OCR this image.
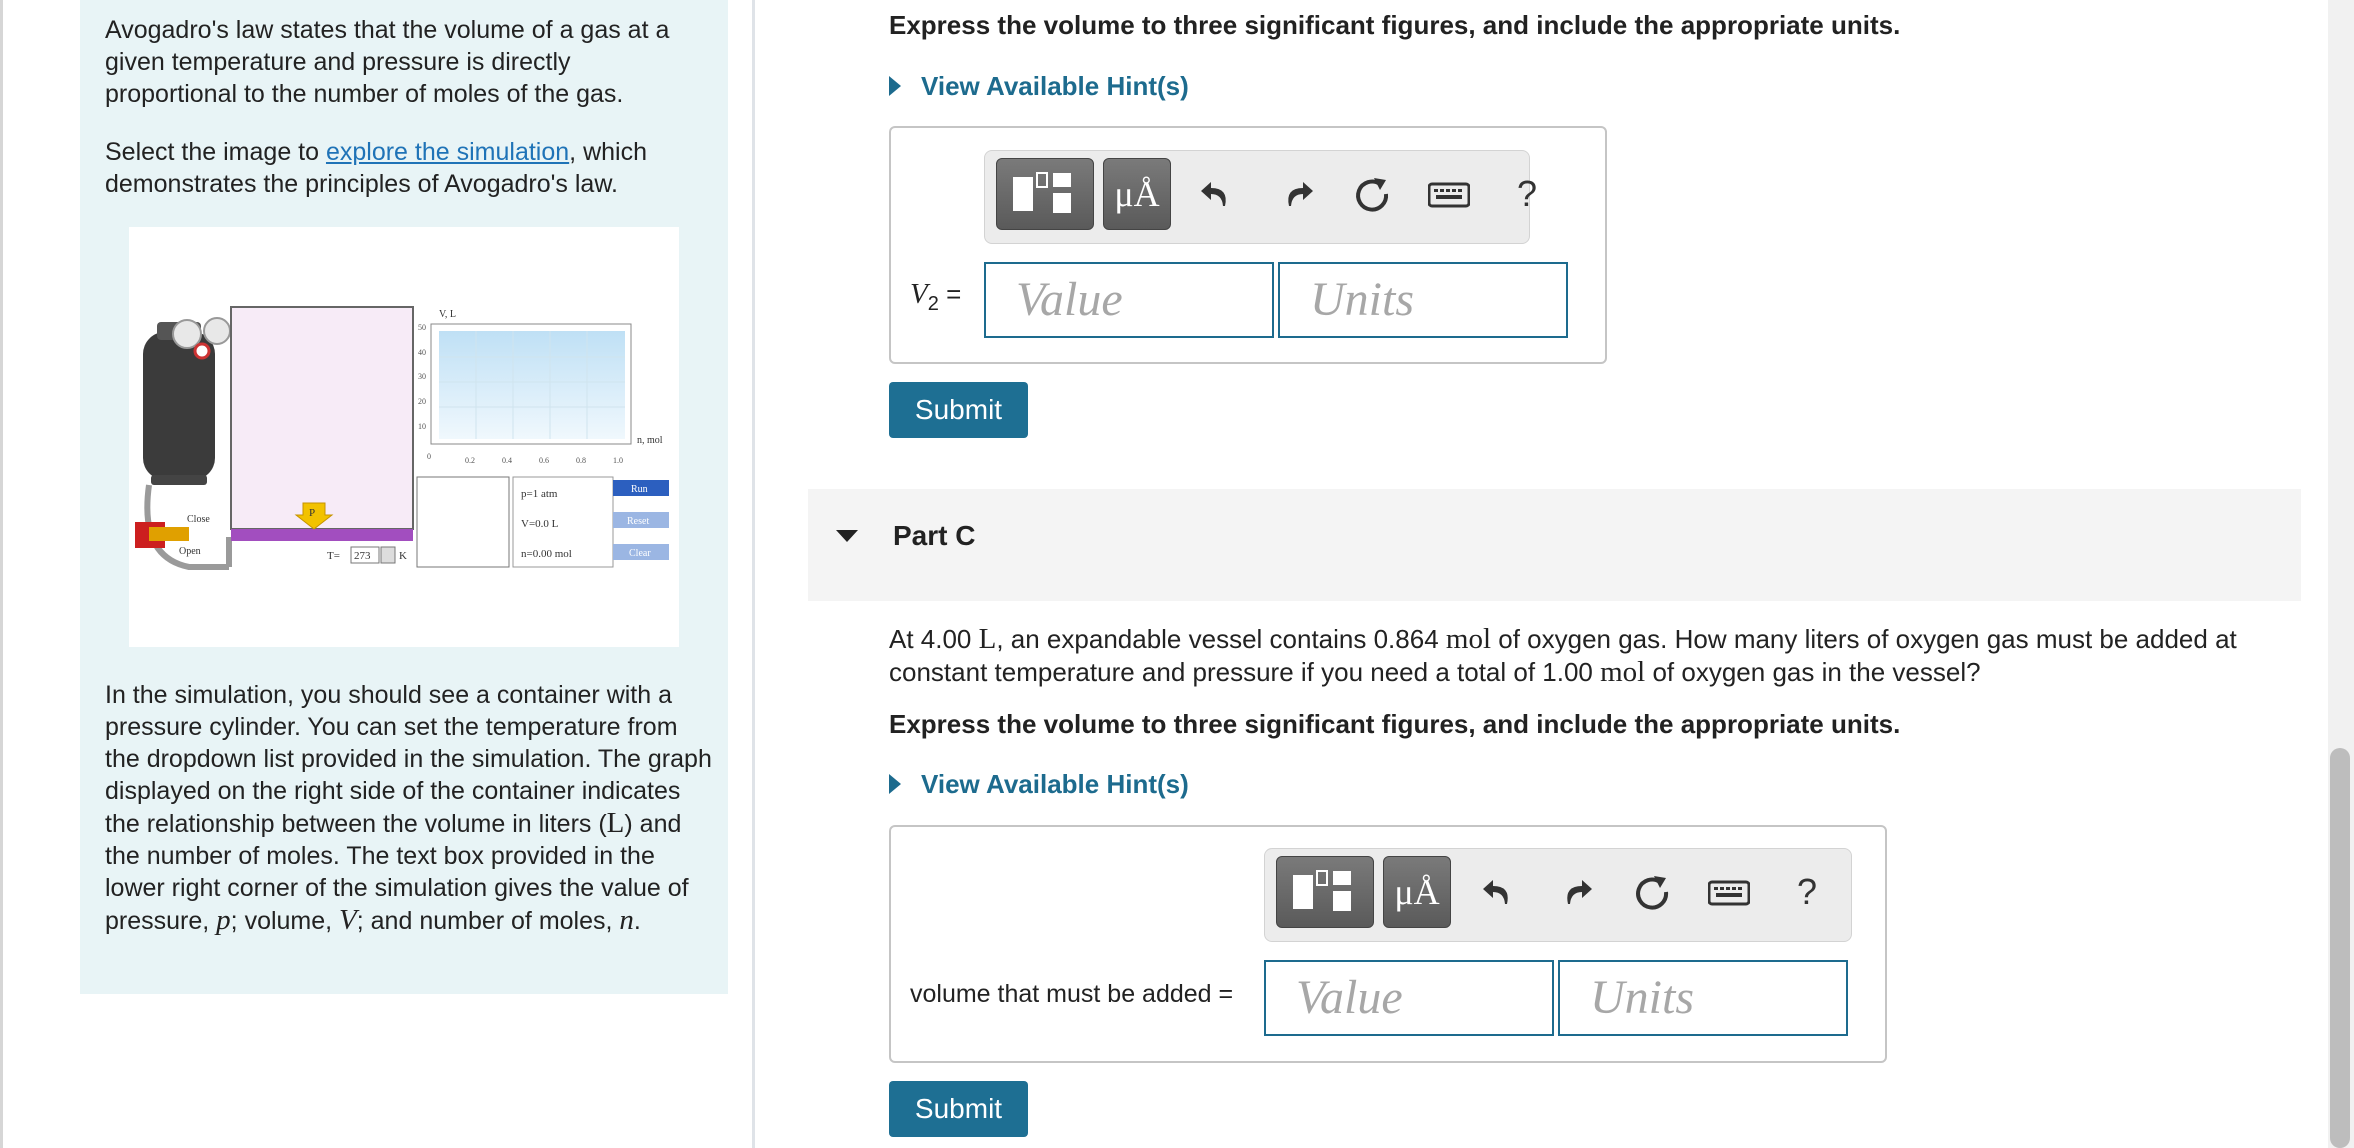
Avogadro's law states that the volume of a gas at a given temperature and pressure is directly proportional to the number of moles of the gas.

Select the image to explore the simulation, which demonstrates the principles of Avogadro's law.

Close
Open
P
T= 273	K
V, L
50
40
30
20
10
0	0.2	0.4	0.6	0.8	1.0
n, mol
p=1 atm
V=0.0 L
n=0.00 mol
Run
Reset
Clear

In the simulation, you should see a container with a pressure cylinder. You can set the temperature from the dropdown list provided in the simulation. The graph displayed on the right side of the container indicates the relationship between the volume in liters (L) and the number of moles. The text box provided in the lower right corner of the simulation gives the value of pressure, p; volume, V; and number of moles, n.

Express the volume to three significant figures, and include the appropriate units.
View Available Hint(s)
μÅ	?
$V_2$ =	Value	Units
Submit
Part C
At 4.00 L, an expandable vessel contains 0.864 mol of oxygen gas. How many liters of oxygen gas must be added at constant temperature and pressure if you need a total of 1.00 mol of oxygen gas in the vessel?
Express the volume to three significant figures, and include the appropriate units.
View Available Hint(s)
μÅ	?
volume that must be added =	Value	Units
Submit
